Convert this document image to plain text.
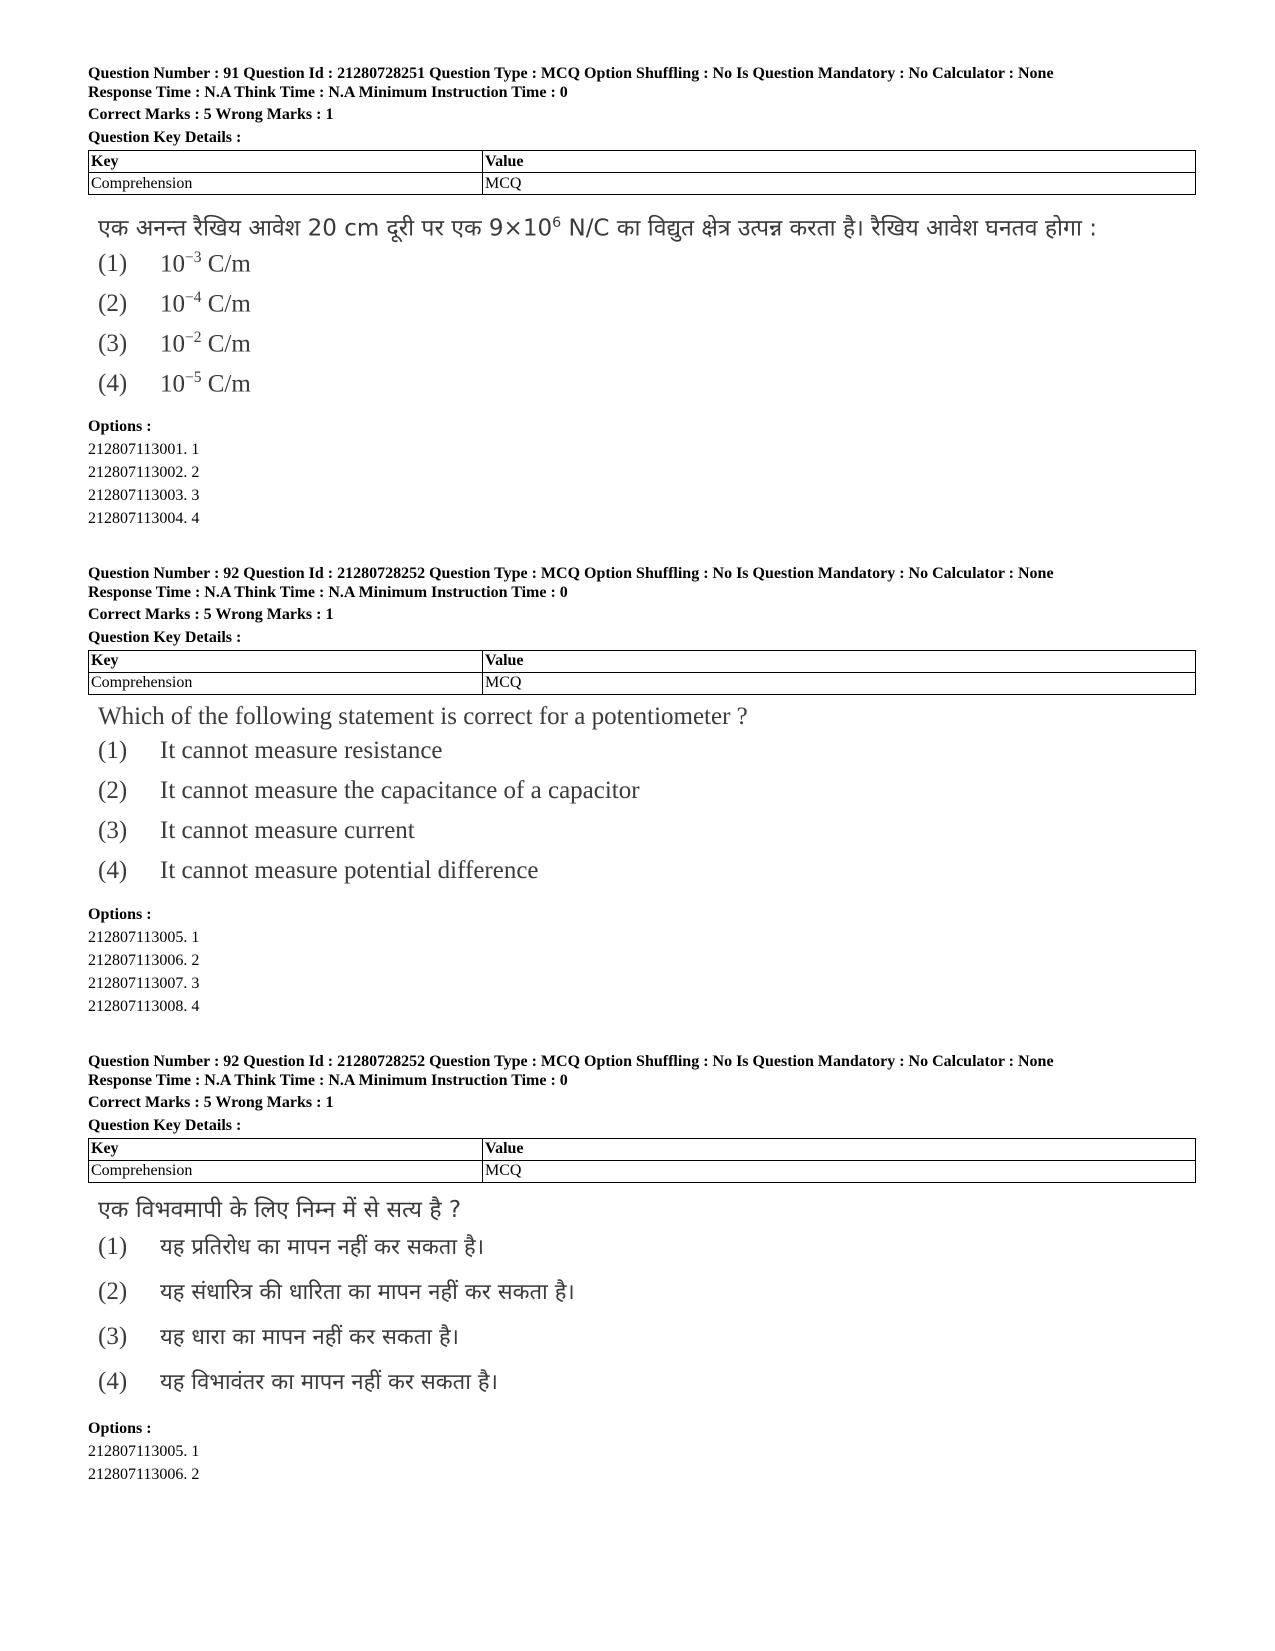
Question Number : 91 Question Id : 21280728251 Question Type : MCQ Option Shuffling : No Is Question Mandatory : No Calculator : None
Response Time : N.A Think Time : N.A Minimum Instruction Time : 0
Correct Marks : 5 Wrong Marks : 1
Question Key Details :
Key	Value
Comprehension	MCQ
एक अनन्त रैखिय आवेश 20 cm दूरी पर एक $9\times 10^6$ N/C का विद्युत क्षेत्र उत्पन्न करता है। रैखिय आवेश घनतव होगा :
(1)	$10^{-3}$ C/m
(2)	$10^{-4}$ C/m
(3)	$10^{-2}$ C/m
(4)	$10^{-5}$ C/m
Options :
212807113001. 1
212807113002. 2
212807113003. 3
212807113004. 4
Question Number : 92 Question Id : 21280728252 Question Type : MCQ Option Shuffling : No Is Question Mandatory : No Calculator : None
Response Time : N.A Think Time : N.A Minimum Instruction Time : 0
Correct Marks : 5 Wrong Marks : 1
Question Key Details :
Key	Value
Comprehension	MCQ
Which of the following statement is correct for a potentiometer ?
(1)	It cannot measure resistance
(2)	It cannot measure the capacitance of a capacitor
(3)	It cannot measure current
(4)	It cannot measure potential difference
Options :
212807113005. 1
212807113006. 2
212807113007. 3
212807113008. 4
Question Number : 92 Question Id : 21280728252 Question Type : MCQ Option Shuffling : No Is Question Mandatory : No Calculator : None
Response Time : N.A Think Time : N.A Minimum Instruction Time : 0
Correct Marks : 5 Wrong Marks : 1
Question Key Details :
Key	Value
Comprehension	MCQ
एक विभवमापी के लिए निम्न में से सत्य है ?
(1)	यह प्रतिरोध का मापन नहीं कर सकता है।
(2)	यह संधारित्र की धारिता का मापन नहीं कर सकता है।
(3)	यह धारा का मापन नहीं कर सकता है।
(4)	यह विभावंतर का मापन नहीं कर सकता है।
Options :
212807113005. 1
212807113006. 2
